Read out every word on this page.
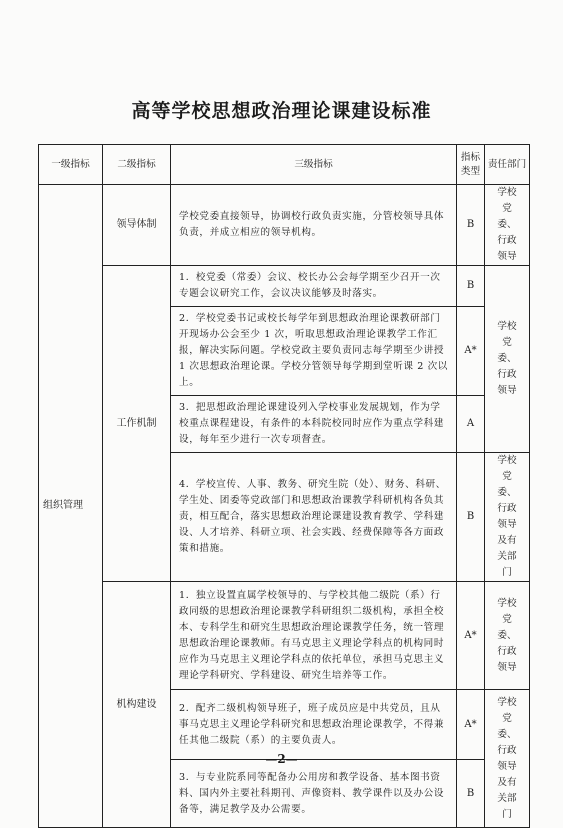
高等学校思想政治理论课建设标准
一级指标	二级指标	三级指标	指标类型	责任部门
组织管理	领导体制	学校党委直接领导，协调校行政负责实施，分管校领导具体负责，并成立相应的领导机构。	B	学校党委、行政领导
	工作机制	1．校党委（常委）会议、校长办公会每学期至少召开一次专题会议研究工作，会议决议能够及时落实。	B	学校党委、行政领导
		2．学校党委书记或校长每学年到思想政治理论课教研部门开现场办公会至少 1 次，听取思想政治理论课教学工作汇报，解决实际问题。学校党政主要负责同志每学期至少讲授 1 次思想政治理论课。学校分管领导每学期到堂听课 2 次以上。	A*	
		3．把思想政治理论课建设列入学校事业发展规划，作为学校重点课程建设，有条件的本科院校同时应作为重点学科建设，每年至少进行一次专项督查。	A	
		4．学校宣传、人事、教务、研究生院（处）、财务、科研、学生处、团委等党政部门和思想政治课教学科研机构各负其责，相互配合，落实思想政治理论课建设教育教学、学科建设、人才培养、科研立项、社会实践、经费保障等各方面政策和措施。	B	学校党委、行政领导及有关部门
	机构建设	1．独立设置直属学校领导的、与学校其他二级院（系）行政同级的思想政治理论课教学科研组织二级机构，承担全校本、专科学生和研究生思想政治理论课教学任务，统一管理思想政治理论课教师。有马克思主义理论学科点的机构同时应作为马克思主义理论学科点的依托单位，承担马克思主义理论学科研究、学科建设、研究生培养等工作。	A*	学校党委、行政领导
		2．配齐二级机构领导班子，班子成员应是中共党员，且从事马克思主义理论学科研究和思想政治理论课教学，不得兼任其他二级院（系）的主要负责人。	A*	学校党委、行政领导及有关部门
		3．与专业院系同等配备办公用房和教学设备、基本图书资料、国内外主要社科期刊、声像资料、教学课件以及办公设备等，满足教学及办公需要。	B	
—2—
